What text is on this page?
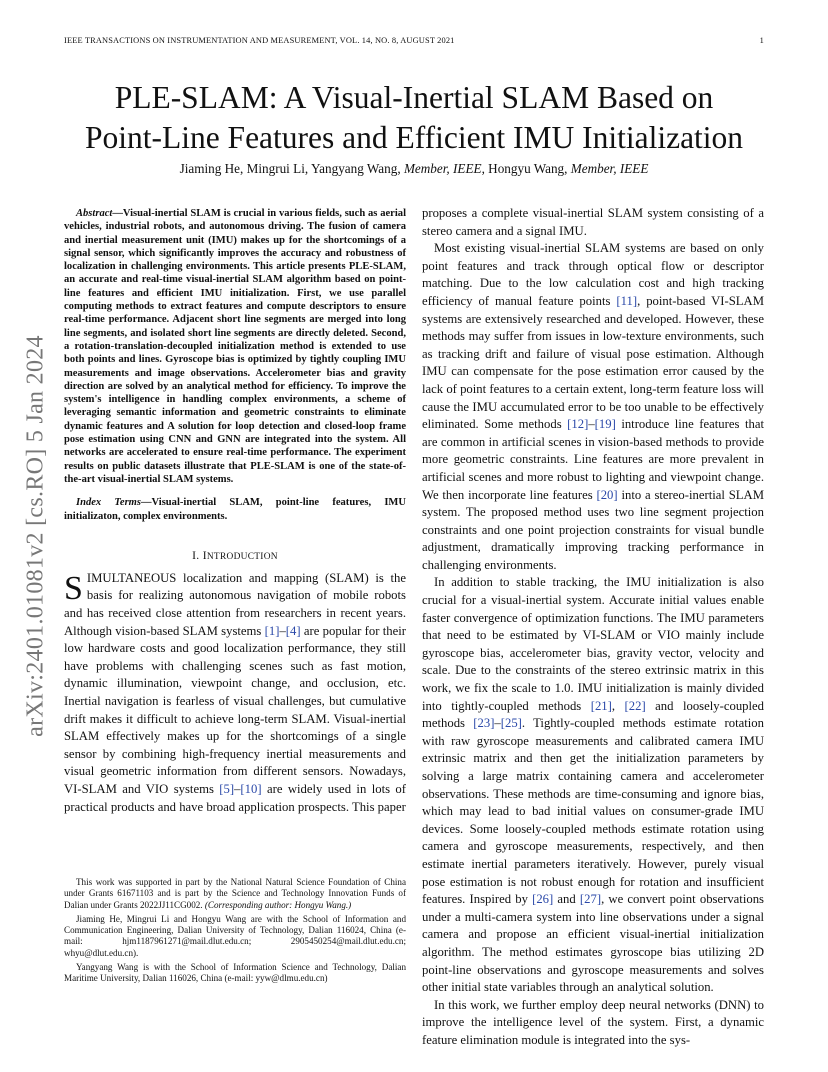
IEEE TRANSACTIONS ON INSTRUMENTATION AND MEASUREMENT, VOL. 14, NO. 8, AUGUST 2021	1
PLE-SLAM: A Visual-Inertial SLAM Based on
Point-Line Features and Efficient IMU Initialization
Jiaming He, Mingrui Li, Yangyang Wang, Member, IEEE, Hongyu Wang, Member, IEEE
arXiv:2401.01081v2 [cs.RO] 5 Jan 2024

Abstract—Visual-inertial SLAM is crucial in various fields, such as aerial vehicles, industrial robots, and autonomous driving. The fusion of camera and inertial measurement unit (IMU) makes up for the shortcomings of a signal sensor, which significantly improves the accuracy and robustness of localization in challenging environments. This article presents PLE-SLAM, an accurate and real-time visual-inertial SLAM algorithm based on point-line features and efficient IMU initialization. First, we use parallel computing methods to extract features and compute descriptors to ensure real-time performance. Adjacent short line segments are merged into long line segments, and isolated short line segments are directly deleted. Second, a rotation-translation-decoupled initialization method is extended to use both points and lines. Gyroscope bias is optimized by tightly coupling IMU measurements and image observations. Accelerometer bias and gravity direction are solved by an analytical method for efficiency. To improve the system's intelligence in handling complex environments, a scheme of leveraging semantic information and geometric constraints to eliminate dynamic features and A solution for loop detection and closed-loop frame pose estimation using CNN and GNN are integrated into the system. All networks are accelerated to ensure real-time performance. The experiment results on public datasets illustrate that PLE-SLAM is one of the state-of-the-art visual-inertial SLAM systems.

Index Terms—Visual-inertial SLAM, point-line features, IMU initializaton, complex environments.

I. INTRODUCTION

SIMULTANEOUS localization and mapping (SLAM) is the basis for realizing autonomous navigation of mobile robots and has received close attention from researchers in recent years. Although vision-based SLAM systems [1]–[4] are popular for their low hardware costs and good localization performance, they still have problems with challenging scenes such as fast motion, dynamic illumination, viewpoint change, and occlusion, etc. Inertial navigation is fearless of visual challenges, but cumulative drift makes it difficult to achieve long-term SLAM. Visual-inertial SLAM effectively makes up for the shortcomings of a single sensor by combining high-frequency inertial measurements and visual geometric information from different sensors. Nowadays, VI-SLAM and VIO systems [5]–[10] are widely used in lots of practical products and have broad application prospects. This paper

This work was supported in part by the National Natural Science Foundation of China under Grants 61671103 and is part by the Science and Technology Innovation Funds of Dalian under Grants 2022JJ11CG002. (Corresponding author: Hongyu Wang.)

Jiaming He, Mingrui Li and Hongyu Wang are with the School of Information and Communication Engineering, Dalian University of Technology, Dalian 116024, China (e-mail: hjm1187961271@mail.dlut.edu.cn; 2905450254@mail.dlut.edu.cn; whyu@dlut.edu.cn).

Yangyang Wang is with the School of Information Science and Technology, Dalian Maritime University, Dalian 116026, China (e-mail: yyw@dlmu.edu.cn)

proposes a complete visual-inertial SLAM system consisting of a stereo camera and a signal IMU.

Most existing visual-inertial SLAM systems are based on only point features and track through optical flow or descriptor matching. Due to the low calculation cost and high tracking efficiency of manual feature points [11], point-based VI-SLAM systems are extensively researched and developed. However, these methods may suffer from issues in low-texture environments, such as tracking drift and failure of visual pose estimation. Although IMU can compensate for the pose estimation error caused by the lack of point features to a certain extent, long-term feature loss will cause the IMU accumulated error to be too unable to be effectively eliminated. Some methods [12]–[19] introduce line features that are common in artificial scenes in vision-based methods to provide more geometric constraints. Line features are more prevalent in artificial scenes and more robust to lighting and viewpoint change. We then incorporate line features [20] into a stereo-inertial SLAM system. The proposed method uses two line segment projection constraints and one point projection constraints for visual bundle adjustment, dramatically improving tracking performance in challenging environments.

In addition to stable tracking, the IMU initialization is also crucial for a visual-inertial system. Accurate initial values enable faster convergence of optimization functions. The IMU parameters that need to be estimated by VI-SLAM or VIO mainly include gyroscope bias, accelerometer bias, gravity vector, velocity and scale. Due to the constraints of the stereo extrinsic matrix in this work, we fix the scale to 1.0. IMU initialization is mainly divided into tightly-coupled methods [21], [22] and loosely-coupled methods [23]–[25]. Tightly-coupled methods estimate rotation with raw gyroscope measurements and calibrated camera IMU extrinsic matrix and then get the initialization parameters by solving a large matrix containing camera and accelerometer observations. These methods are time-consuming and ignore bias, which may lead to bad initial values on consumer-grade IMU devices. Some loosely-coupled methods estimate rotation using camera and gyroscope measurements, respectively, and then estimate inertial parameters iteratively. However, purely visual pose estimation is not robust enough for rotation and insufficient features. Inspired by [26] and [27], we convert point observations under a multi-camera system into line observations under a signal camera and propose an efficient visual-inertial initialization algorithm. The method estimates gyroscope bias utilizing 2D point-line observations and gyroscope measurements and solves other initial state variables through an analytical solution.

In this work, we further employ deep neural networks (DNN) to improve the intelligence level of the system. First, a dynamic feature elimination module is integrated into the sys-
